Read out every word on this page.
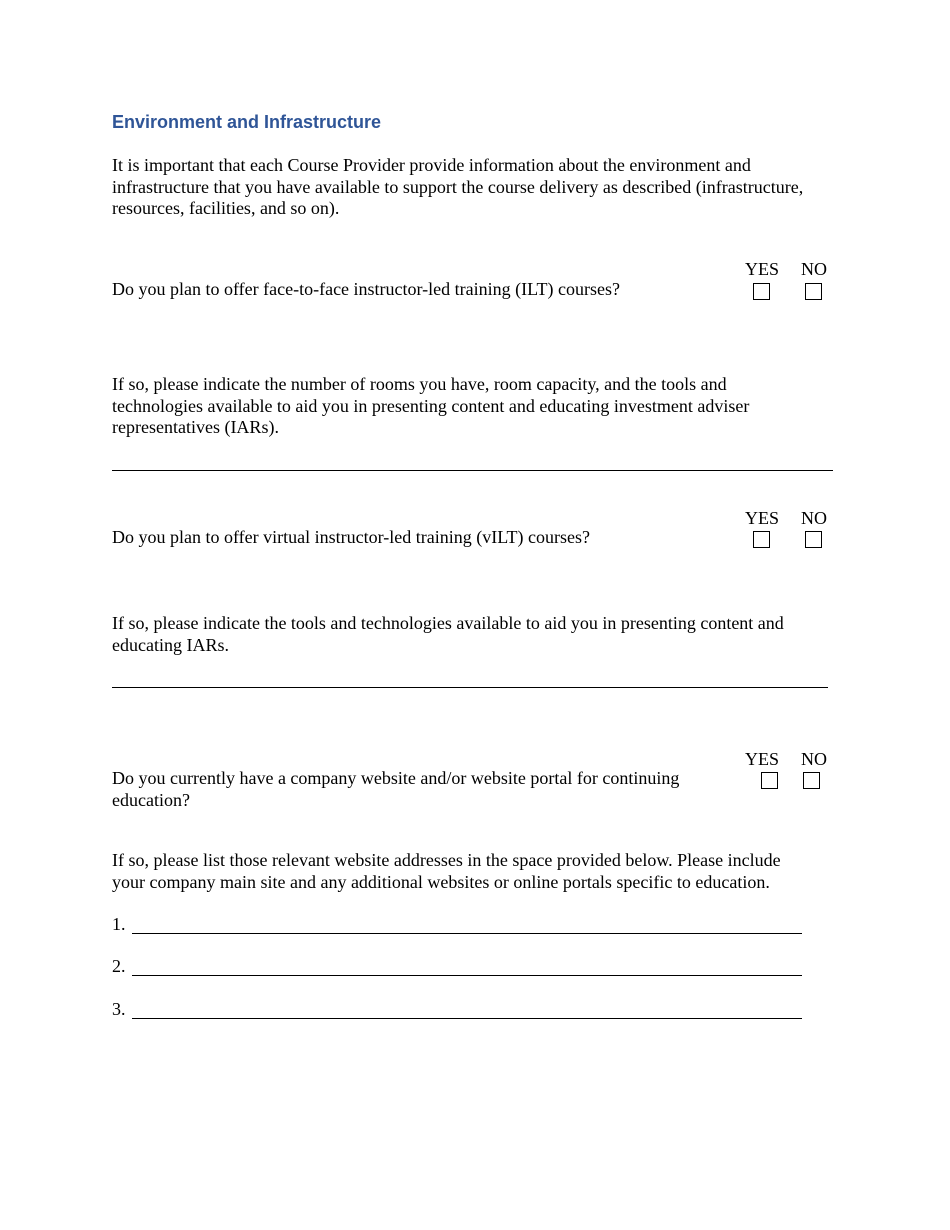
Environment and Infrastructure
It is important that each Course Provider provide information about the environment and
infrastructure that you have available to support the course delivery as described (infrastructure,
resources, facilities, and so on).
YES NO
Do you plan to offer face-to-face instructor-led training (ILT) courses?
If so, please indicate the number of rooms you have, room capacity, and the tools and
technologies available to aid you in presenting content and educating investment adviser
representatives (IARs).
YES NO
Do you plan to offer virtual instructor-led training (vILT) courses?
If so, please indicate the tools and technologies available to aid you in presenting content and
educating IARs.
YES NO
Do you currently have a company website and/or website portal for continuing
education?
If so, please list those relevant website addresses in the space provided below. Please include
your company main site and any additional websites or online portals specific to education.
1.
2.
3.
